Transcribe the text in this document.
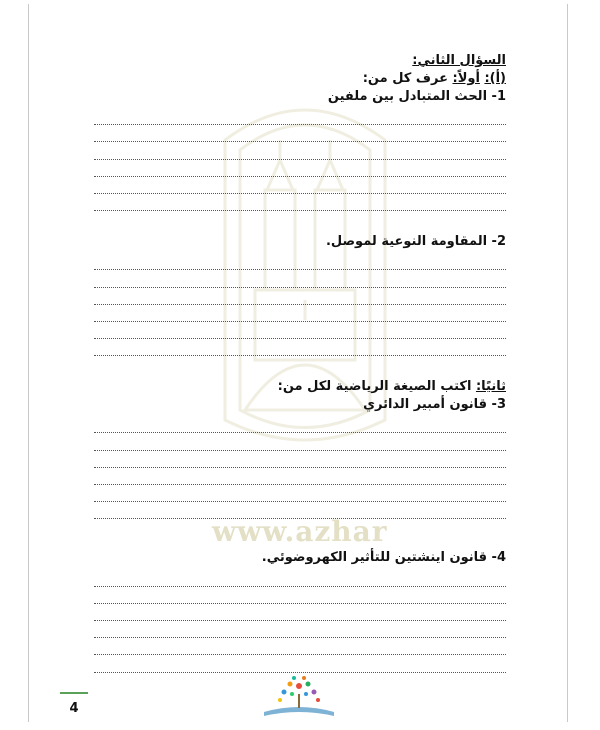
www.azhar
السؤال الثاني:
(أ): أولاً: عرف كل من:
1- الحث المتبادل بين ملفين
2- المقاومة النوعية لموصل.
ثانيًا: اكتب الصيغة الرياضية لكل من:
3- قانون أمبير الدائري
4- قانون اينشتين للتأثير الكهروضوئي.
4
